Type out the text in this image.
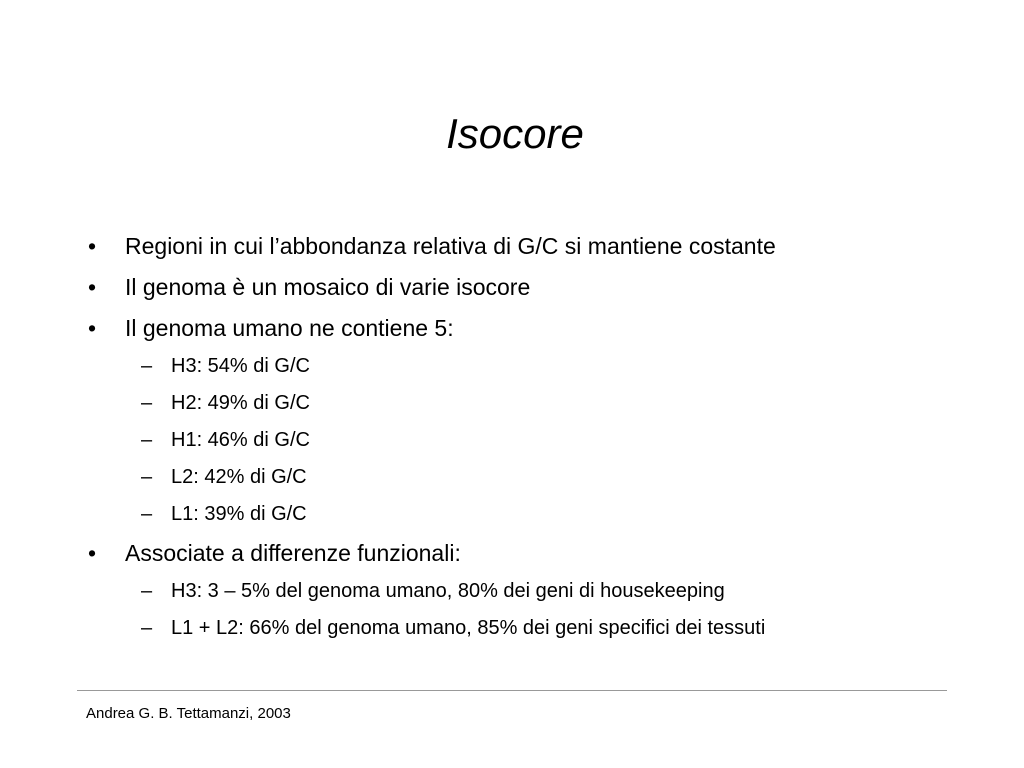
Isocore
• Regioni in cui l’abbondanza relativa di G/C si mantiene costante
• Il genoma è un mosaico di varie isocore
• Il genoma umano ne contiene 5:
– H3: 54% di G/C
– H2: 49% di G/C
– H1: 46% di G/C
– L2: 42% di G/C
– L1: 39% di G/C
• Associate a differenze funzionali:
– H3: 3 – 5% del genoma umano, 80% dei geni di housekeeping
– L1 + L2: 66% del genoma umano, 85% dei geni specifici dei tessuti
Andrea G. B. Tettamanzi, 2003
